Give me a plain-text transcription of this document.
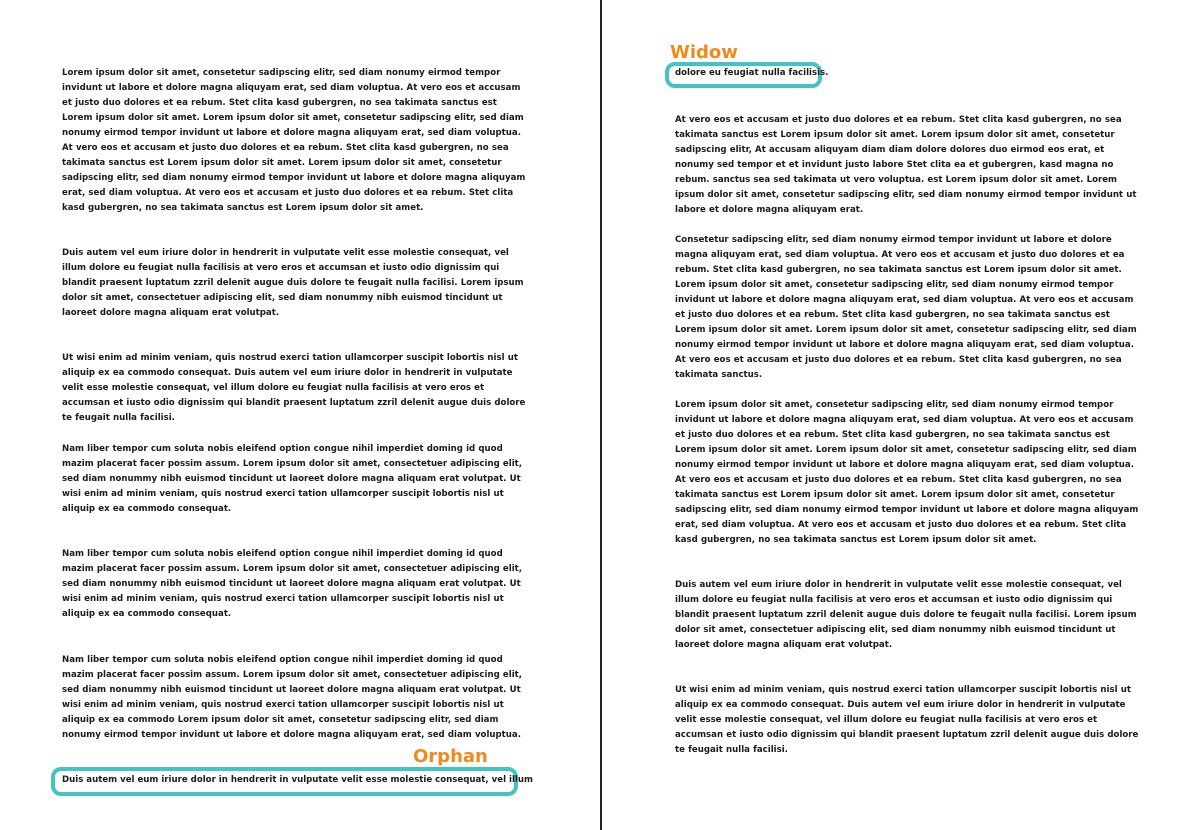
Lorem ipsum dolor sit amet, consetetur sadipscing elitr, sed diam nonumy eirmod tempor invidunt ut labore et dolore magna aliquyam erat, sed diam voluptua. At vero eos et accusam et justo duo dolores et ea rebum. Stet clita kasd gubergren, no sea takimata sanctus est Lorem ipsum dolor sit amet. Lorem ipsum dolor sit amet, consetetur sadipscing elitr, sed diam nonumy eirmod tempor invidunt ut labore et dolore magna aliquyam erat, sed diam voluptua. At vero eos et accusam et justo duo dolores et ea rebum. Stet clita kasd gubergren, no sea takimata sanctus est Lorem ipsum dolor sit amet. Lorem ipsum dolor sit amet, consetetur sadipscing elitr, sed diam nonumy eirmod tempor invidunt ut labore et dolore magna aliquyam erat, sed diam voluptua. At vero eos et accusam et justo duo dolores et ea rebum. Stet clita kasd gubergren, no sea takimata sanctus est Lorem ipsum dolor sit amet.

Duis autem vel eum iriure dolor in hendrerit in vulputate velit esse molestie consequat, vel illum dolore eu feugiat nulla facilisis at vero eros et accumsan et iusto odio dignissim qui blandit praesent luptatum zzril delenit augue duis dolore te feugait nulla facilisi. Lorem ipsum dolor sit amet, consectetuer adipiscing elit, sed diam nonummy nibh euismod tincidunt ut laoreet dolore magna aliquam erat volutpat.

Ut wisi enim ad minim veniam, quis nostrud exerci tation ullamcorper suscipit lobortis nisl ut aliquip ex ea commodo consequat. Duis autem vel eum iriure dolor in hendrerit in vulputate velit esse molestie consequat, vel illum dolore eu feugiat nulla facilisis at vero eros et accumsan et iusto odio dignissim qui blandit praesent luptatum zzril delenit augue duis dolore te feugait nulla facilisi.

Nam liber tempor cum soluta nobis eleifend option congue nihil imperdiet doming id quod mazim placerat facer possim assum. Lorem ipsum dolor sit amet, consectetuer adipiscing elit, sed diam nonummy nibh euismod tincidunt ut laoreet dolore magna aliquam erat volutpat. Ut wisi enim ad minim veniam, quis nostrud exerci tation ullamcorper suscipit lobortis nisl ut aliquip ex ea commodo consequat.

Nam liber tempor cum soluta nobis eleifend option congue nihil imperdiet doming id quod mazim placerat facer possim assum. Lorem ipsum dolor sit amet, consectetuer adipiscing elit, sed diam nonummy nibh euismod tincidunt ut laoreet dolore magna aliquam erat volutpat. Ut wisi enim ad minim veniam, quis nostrud exerci tation ullamcorper suscipit lobortis nisl ut aliquip ex ea commodo consequat.

Nam liber tempor cum soluta nobis eleifend option congue nihil imperdiet doming id quod mazim placerat facer possim assum. Lorem ipsum dolor sit amet, consectetuer adipiscing elit, sed diam nonummy nibh euismod tincidunt ut laoreet dolore magna aliquam erat volutpat. Ut wisi enim ad minim veniam, quis nostrud exerci tation ullamcorper suscipit lobortis nisl ut aliquip ex ea commodo Lorem ipsum dolor sit amet, consetetur sadipscing elitr, sed diam nonumy eirmod tempor invidunt ut labore et dolore magna aliquyam erat, sed diam voluptua.

Orphan
Duis autem vel eum iriure dolor in hendrerit in vulputate velit esse molestie consequat, vel illum
Widow
dolore eu feugiat nulla facilisis.

At vero eos et accusam et justo duo dolores et ea rebum. Stet clita kasd gubergren, no sea takimata sanctus est Lorem ipsum dolor sit amet. Lorem ipsum dolor sit amet, consetetur sadipscing elitr, At accusam aliquyam diam diam dolore dolores duo eirmod eos erat, et nonumy sed tempor et et invidunt justo labore Stet clita ea et gubergren, kasd magna no rebum. sanctus sea sed takimata ut vero voluptua. est Lorem ipsum dolor sit amet. Lorem ipsum dolor sit amet, consetetur sadipscing elitr, sed diam nonumy eirmod tempor invidunt ut labore et dolore magna aliquyam erat.

Consetetur sadipscing elitr, sed diam nonumy eirmod tempor invidunt ut labore et dolore magna aliquyam erat, sed diam voluptua. At vero eos et accusam et justo duo dolores et ea rebum. Stet clita kasd gubergren, no sea takimata sanctus est Lorem ipsum dolor sit amet. Lorem ipsum dolor sit amet, consetetur sadipscing elitr, sed diam nonumy eirmod tempor invidunt ut labore et dolore magna aliquyam erat, sed diam voluptua. At vero eos et accusam et justo duo dolores et ea rebum. Stet clita kasd gubergren, no sea takimata sanctus est Lorem ipsum dolor sit amet. Lorem ipsum dolor sit amet, consetetur sadipscing elitr, sed diam nonumy eirmod tempor invidunt ut labore et dolore magna aliquyam erat, sed diam voluptua. At vero eos et accusam et justo duo dolores et ea rebum. Stet clita kasd gubergren, no sea takimata sanctus.

Lorem ipsum dolor sit amet, consetetur sadipscing elitr, sed diam nonumy eirmod tempor invidunt ut labore et dolore magna aliquyam erat, sed diam voluptua. At vero eos et accusam et justo duo dolores et ea rebum. Stet clita kasd gubergren, no sea takimata sanctus est Lorem ipsum dolor sit amet. Lorem ipsum dolor sit amet, consetetur sadipscing elitr, sed diam nonumy eirmod tempor invidunt ut labore et dolore magna aliquyam erat, sed diam voluptua. At vero eos et accusam et justo duo dolores et ea rebum. Stet clita kasd gubergren, no sea takimata sanctus est Lorem ipsum dolor sit amet. Lorem ipsum dolor sit amet, consetetur sadipscing elitr, sed diam nonumy eirmod tempor invidunt ut labore et dolore magna aliquyam erat, sed diam voluptua. At vero eos et accusam et justo duo dolores et ea rebum. Stet clita kasd gubergren, no sea takimata sanctus est Lorem ipsum dolor sit amet.

Duis autem vel eum iriure dolor in hendrerit in vulputate velit esse molestie consequat, vel illum dolore eu feugiat nulla facilisis at vero eros et accumsan et iusto odio dignissim qui blandit praesent luptatum zzril delenit augue duis dolore te feugait nulla facilisi. Lorem ipsum dolor sit amet, consectetuer adipiscing elit, sed diam nonummy nibh euismod tincidunt ut laoreet dolore magna aliquam erat volutpat.

Ut wisi enim ad minim veniam, quis nostrud exerci tation ullamcorper suscipit lobortis nisl ut aliquip ex ea commodo consequat. Duis autem vel eum iriure dolor in hendrerit in vulputate velit esse molestie consequat, vel illum dolore eu feugiat nulla facilisis at vero eros et accumsan et iusto odio dignissim qui blandit praesent luptatum zzril delenit augue duis dolore te feugait nulla facilisi.
